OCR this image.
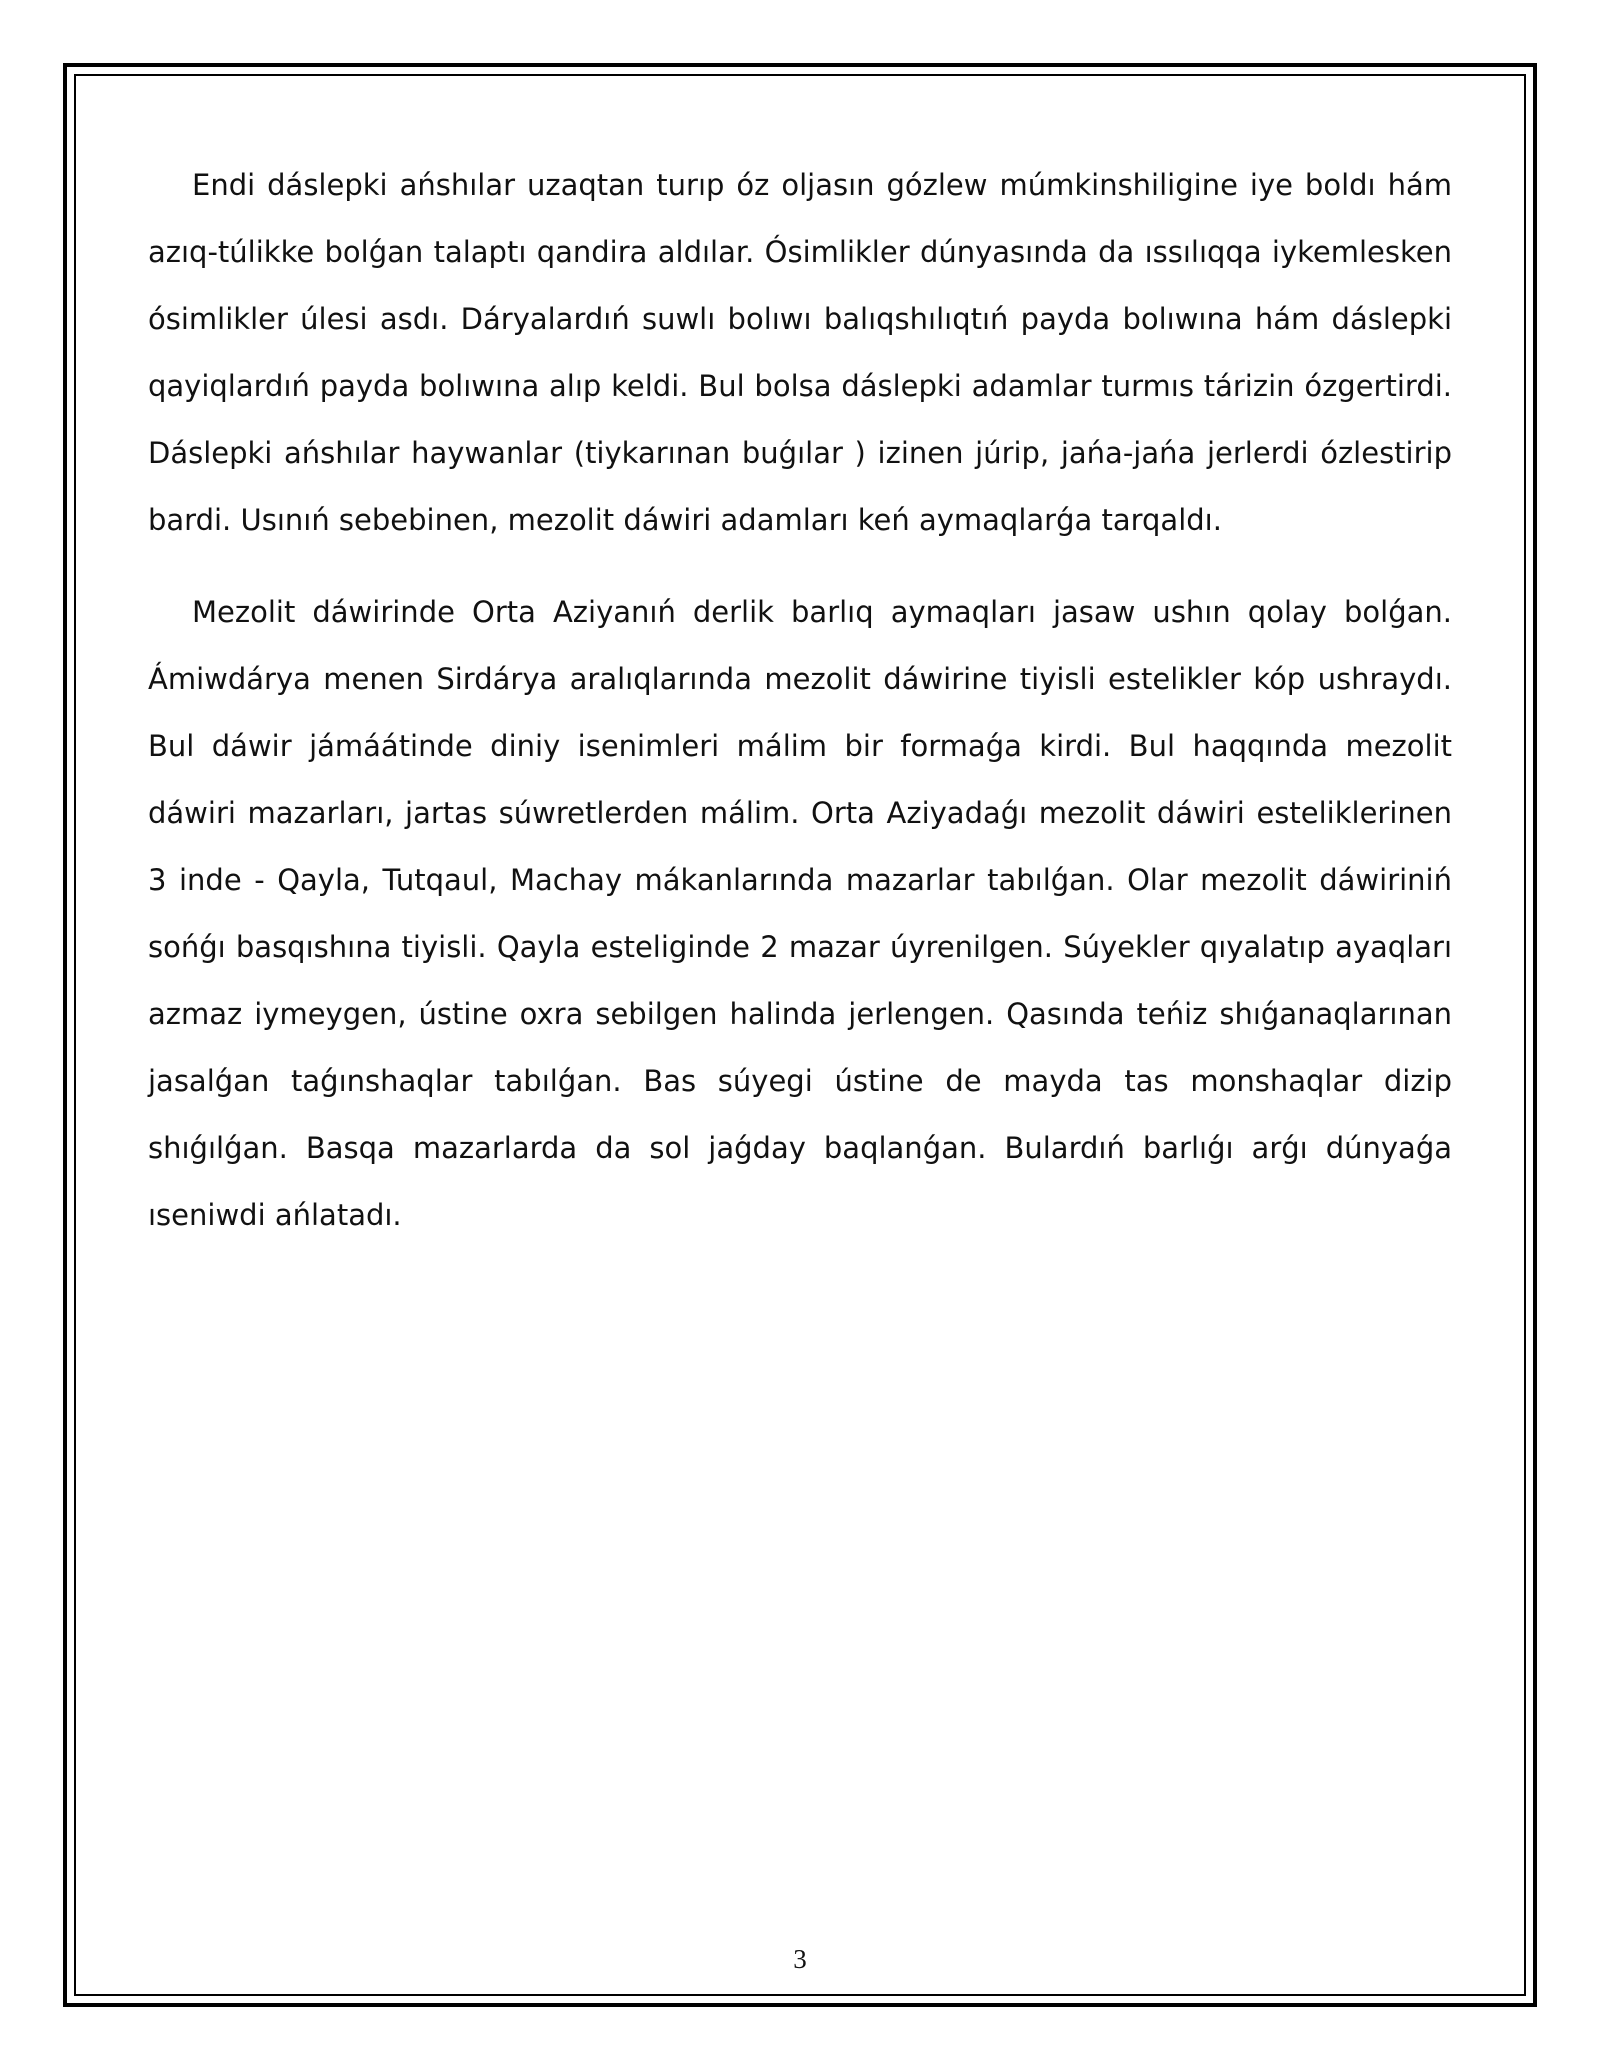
Endi dáslepki ańshılar uzaqtan turıp óz oljasın gózlew múmkinshiligine iye boldı hám azıq-túlikke bolǵan talaptı qandira aldılar. Ósimlikler dúnyasında da ıssılıqqa iykemlesken ósimlikler úlesi asdı. Dáryalardıń suwlı bolıwı balıqshılıqtıń payda bolıwına hám dáslepki qayiqlardıń payda bolıwına alıp keldi. Bul bolsa dáslepki adamlar turmıs tárizin ózgertirdi. Dáslepki ańshılar haywanlar (tiykarınan buǵılar ) izinen júrip, jańa-jańa jerlerdi ózlestirip bardi. Usınıń sebebinen, mezolit dáwiri adamları keń aymaqlarǵa tarqaldı.

Mezolit dáwirinde Orta Aziyanıń derlik barlıq aymaqları jasaw ushın qolay bolǵan. Ámiwdárya menen Sirdárya aralıqlarında mezolit dáwirine tiyisli estelikler kóp ushraydı. Bul dáwir jámáátinde diniy isenimleri málim bir formaǵa kirdi. Bul haqqında mezolit dáwiri mazarları, jartas súwretlerden málim. Orta Aziyadaǵı mezolit dáwiri esteliklerinen 3 inde - Qayla, Tutqaul, Machay mákanlarında mazarlar tabılǵan. Olar mezolit dáwiriniń sońǵı basqıshına tiyisli. Qayla esteliginde 2 mazar úyrenilgen. Súyekler qıyalatıp ayaqları azmaz iymeygen, ústine oxra sebilgen halinda jerlengen. Qasında teńiz shıǵanaqlarınan jasalǵan taǵınshaqlar tabılǵan. Bas súyegi ústine de mayda tas monshaqlar dizip shıǵılǵan. Basqa mazarlarda da sol jaǵday baqlanǵan. Bulardıń barlıǵı arǵı dúnyaǵa ıseniwdi ańlatadı.

3
